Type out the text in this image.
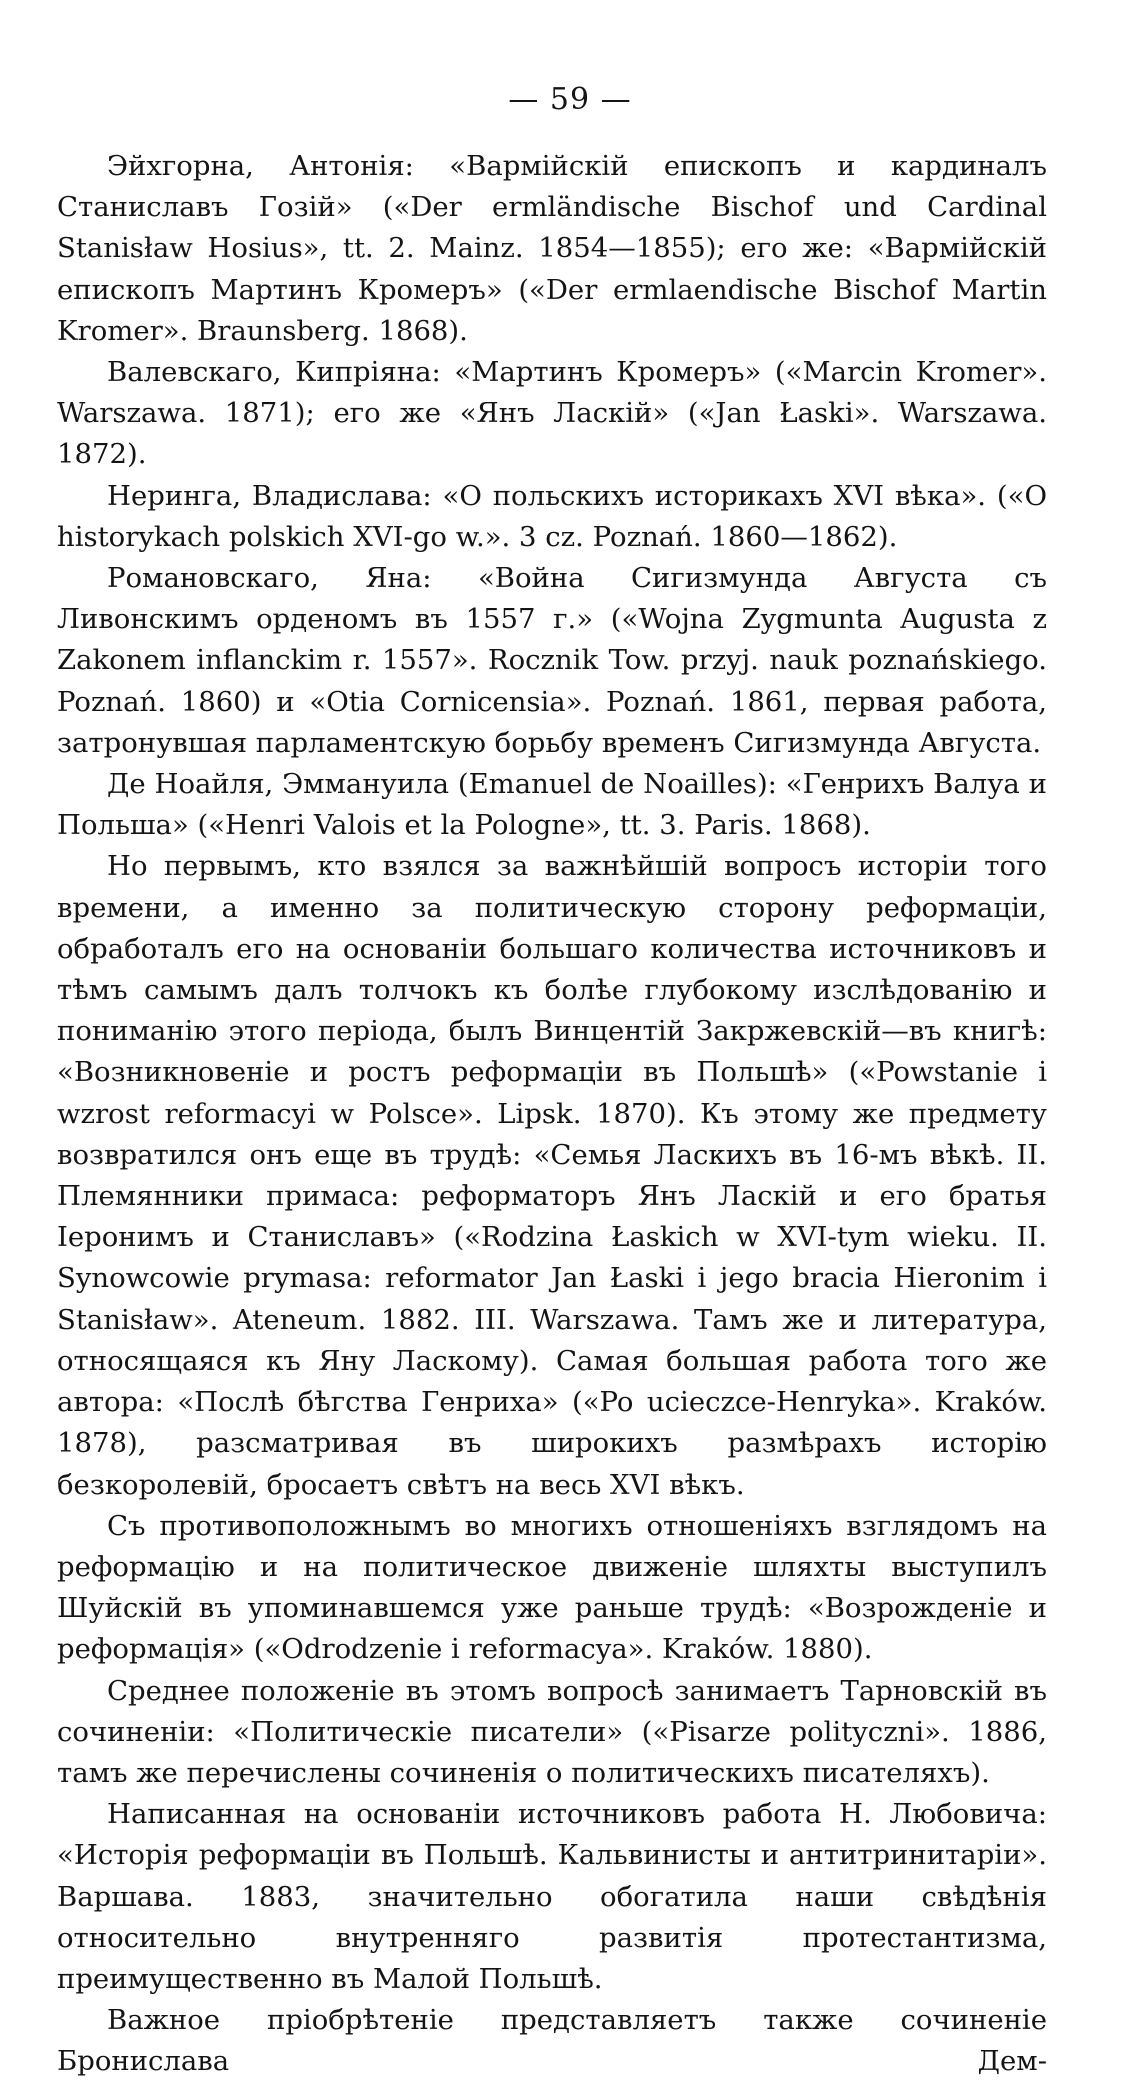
— 59 —

Эйхгорна, Антонія: «Вармійскій епископъ и кардиналъ Станиславъ Гозій» («Der ermländische Bischof und Cardinal Stanisław Hosius», tt. 2. Mainz. 1854—1855); его же: «Вармійскій епископъ Мартинъ Кромеръ» («Der ermlaendische Bischof Martin Kromer». Braunsberg. 1868).

Валевскаго, Кипріяна: «Мартинъ Кромеръ» («Marcin Kromer». Warszawa. 1871); его же «Янъ Ласкій» («Jan Łaski». Warszawa. 1872).

Неринга, Владислава: «О польскихъ историкахъ XVI вѣка». («O historykach polskich XVI-go w.». 3 cz. Poznań. 1860—1862).

Романовскаго, Яна: «Война Сигизмунда Августа съ Ливонскимъ орденомъ въ 1557 г.» («Wojna Zygmunta Augusta z Zakonem inflanckim r. 1557». Rocznik Tow. przyj. nauk poznańskiego. Poznań. 1860) и «Otia Cornicensia». Poznań. 1861, первая работа, затронувшая парламентскую борьбу временъ Сигизмунда Августа.

Де Ноайля, Эммануила (Emanuel de Noailles): «Генрихъ Валуа и Польша» («Henri Valois et la Pologne», tt. 3. Paris. 1868).

Но первымъ, кто взялся за важнѣйшій вопросъ исторіи того времени, а именно за политическую сторону реформаціи, обработалъ его на основаніи большаго количества источниковъ и тѣмъ самымъ далъ толчокъ къ болѣе глубокому изслѣдованію и пониманію этого періода, былъ Винцентій Закржевскій—въ книгѣ: «Возникновеніе и ростъ реформаціи въ Польшѣ» («Powstanie i wzrost reformacyi w Polsce». Lipsk. 1870). Къ этому же предмету возвратился онъ еще въ трудѣ: «Семья Ласкихъ въ 16-мъ вѣкѣ. II. Племянники примаса: реформаторъ Янъ Ласкій и его братья Іеронимъ и Станиславъ» («Rodzina Łaskich w XVI-tym wieku. II. Synowcowie prymasa: reformator Jan Łaski i jego bracia Hieronim i Stanisław». Ateneum. 1882. III. Warszawa. Тамъ же и литература, относящаяся къ Яну Ласкому). Самая большая работа того же автора: «Послѣ бѣгства Генриха» («Po ucieczce-Henryka». Kraków. 1878), разсматривая въ широкихъ размѣрахъ исторію безкоролевій, бросаетъ свѣтъ на весь XVI вѣкъ.

Съ противоположнымъ во многихъ отношеніяхъ взглядомъ на реформацію и на политическое движеніе шляхты выступилъ Шуйскій въ упоминавшемся уже раньше трудѣ: «Возрожденіе и реформація» («Odrodzenie i reformacya». Kraków. 1880).

Среднее положеніе въ этомъ вопросѣ занимаетъ Тарновскій въ сочиненіи: «Политическіе писатели» («Pisarze polityczni». 1886, тамъ же перечислены сочиненія о политическихъ писателяхъ).

Написанная на основаніи источниковъ работа Н. Любовича: «Исторія реформаціи въ Польшѣ. Кальвинисты и антитринитаріи». Варшава. 1883, значительно обогатила наши свѣдѣнія относительно внутренняго развитія протестантизма, преимущественно въ Малой Польшѣ.

Важное пріобрѣтеніе представляетъ также сочиненіе Бронислава Дем-
